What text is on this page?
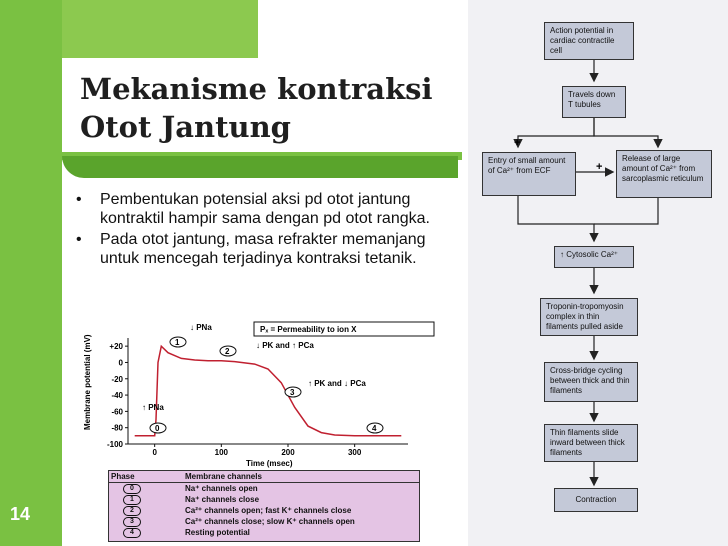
Mekanisme kontraksi
Otot Jantung
•	Pembentukan potensial aksi pd otot jantung kontraktil hampir sama dengan pd otot rangka.
•	Pada otot jantung, masa refrakter memanjang untuk mencegah terjadinya kontraksi tetanik.
Pₓ = Permeability to ion X
Membrane potential (mV)
Time (msec)
+20
0
-20
-40
-60
-80
-100
0	100	200	300
0
1
2
3
4
↑ PNa
↓ PNa
↓ PK and ↑ PCa
↑ PK and ↓ PCa
Phase	Membrane channels
0	Na⁺ channels open
1	Na⁺ channels close
2	Ca²⁺ channels open; fast K⁺ channels close
3	Ca²⁺ channels close; slow K⁺ channels open
4	Resting potential
14
+
+
Action potential in cardiac contractile cell
Travels down T tubules
Entry of small amount of Ca²⁺ from ECF
Release of large amount of Ca²⁺ from sarcoplasmic reticulum
↑ Cytosolic Ca²⁺
Troponin-tropomyosin complex in thin filaments pulled aside
Cross-bridge cycling between thick and thin filaments
Thin filaments slide inward between thick filaments
Contraction
